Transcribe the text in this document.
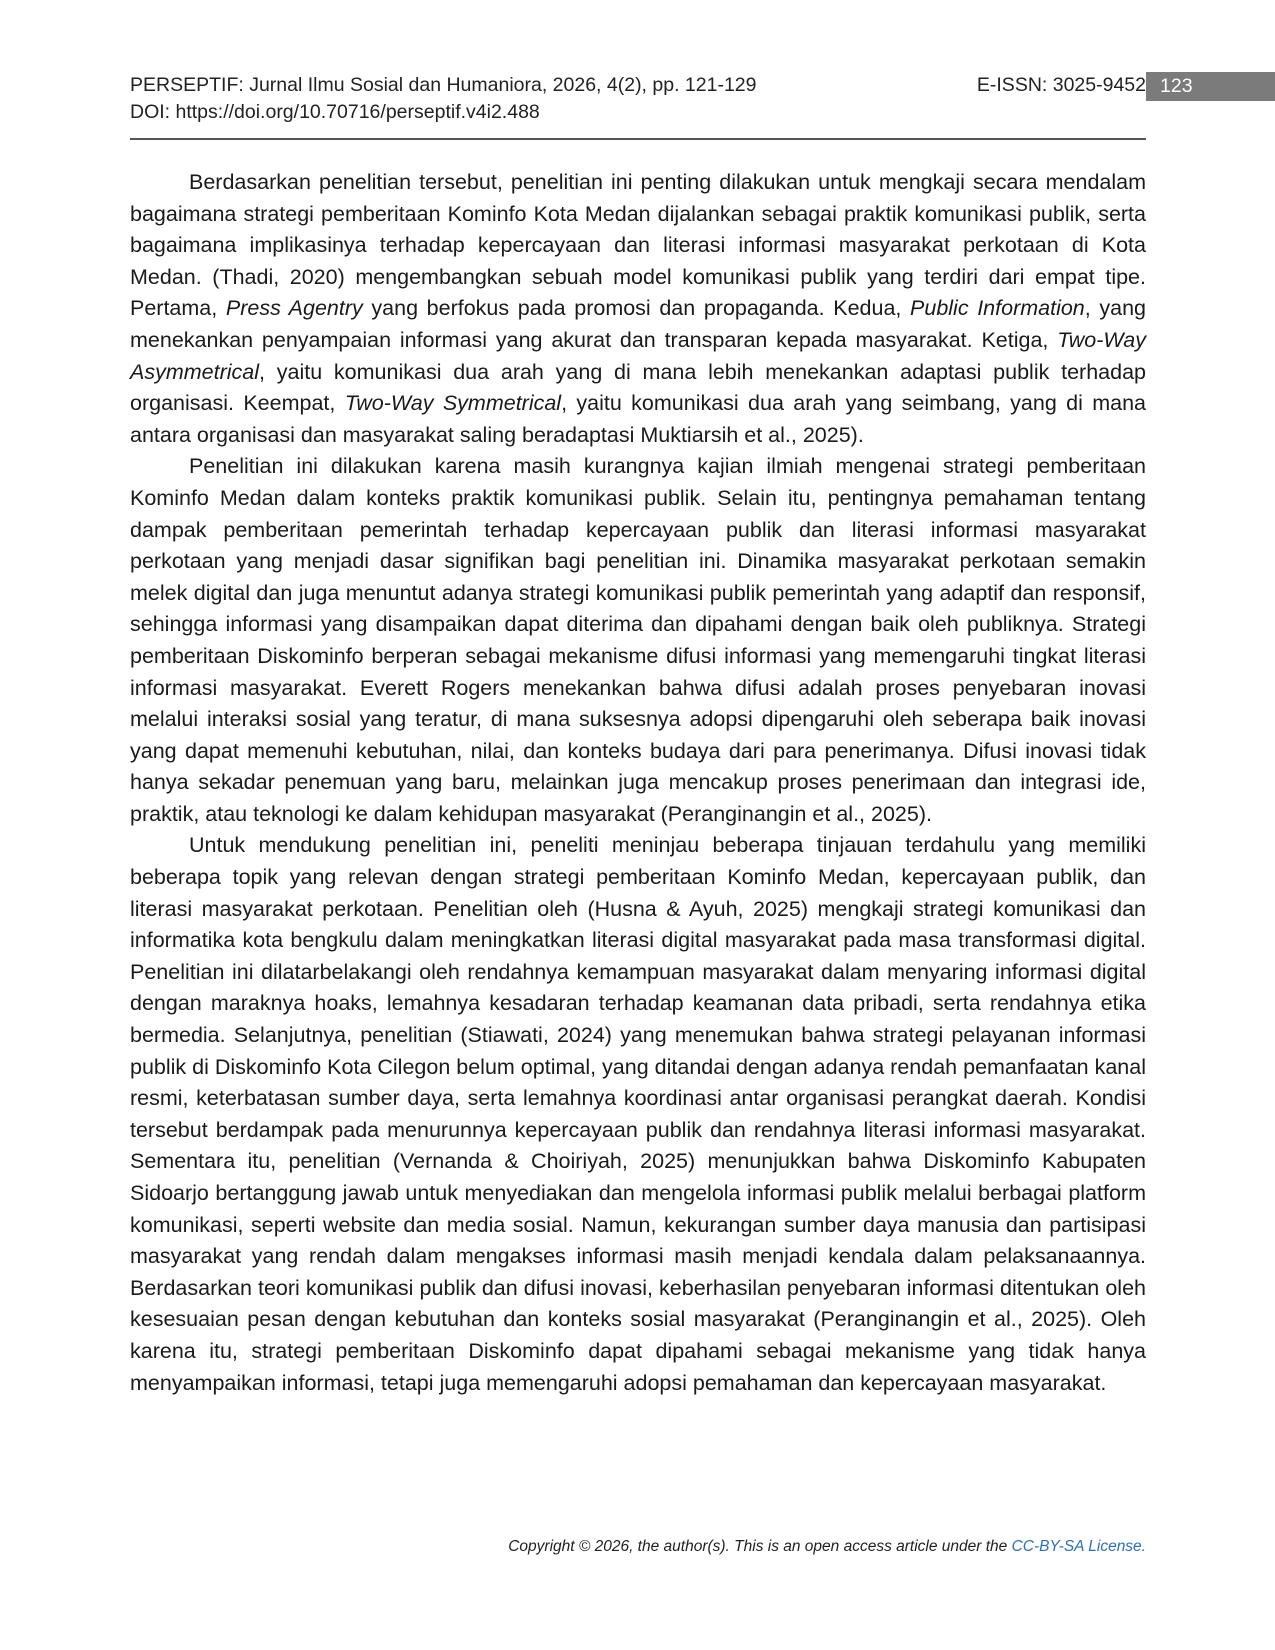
PERSEPTIF: Jurnal Ilmu Sosial dan Humaniora, 2026, 4(2), pp. 121-129	E-ISSN: 3025-9452
DOI: https://doi.org/10.70716/perseptif.v4i2.488
123

Berdasarkan penelitian tersebut, penelitian ini penting dilakukan untuk mengkaji secara mendalam bagaimana strategi pemberitaan Kominfo Kota Medan dijalankan sebagai praktik komunikasi publik, serta bagaimana implikasinya terhadap kepercayaan dan literasi informasi masyarakat perkotaan di Kota Medan. (Thadi, 2020) mengembangkan sebuah model komunikasi publik yang terdiri dari empat tipe. Pertama, Press Agentry yang berfokus pada promosi dan propaganda. Kedua, Public Information, yang menekankan penyampaian informasi yang akurat dan transparan kepada masyarakat. Ketiga, Two-Way Asymmetrical, yaitu komunikasi dua arah yang di mana lebih menekankan adaptasi publik terhadap organisasi. Keempat, Two-Way Symmetrical, yaitu komunikasi dua arah yang seimbang, yang di mana antara organisasi dan masyarakat saling beradaptasi Muktiarsih et al., 2025).

Penelitian ini dilakukan karena masih kurangnya kajian ilmiah mengenai strategi pemberitaan Kominfo Medan dalam konteks praktik komunikasi publik. Selain itu, pentingnya pemahaman tentang dampak pemberitaan pemerintah terhadap kepercayaan publik dan literasi informasi masyarakat perkotaan yang menjadi dasar signifikan bagi penelitian ini. Dinamika masyarakat perkotaan semakin melek digital dan juga menuntut adanya strategi komunikasi publik pemerintah yang adaptif dan responsif, sehingga informasi yang disampaikan dapat diterima dan dipahami dengan baik oleh publiknya. Strategi pemberitaan Diskominfo berperan sebagai mekanisme difusi informasi yang memengaruhi tingkat literasi informasi masyarakat. Everett Rogers menekankan bahwa difusi adalah proses penyebaran inovasi melalui interaksi sosial yang teratur, di mana suksesnya adopsi dipengaruhi oleh seberapa baik inovasi yang dapat memenuhi kebutuhan, nilai, dan konteks budaya dari para penerimanya. Difusi inovasi tidak hanya sekadar penemuan yang baru, melainkan juga mencakup proses penerimaan dan integrasi ide, praktik, atau teknologi ke dalam kehidupan masyarakat (Peranginangin et al., 2025).

Untuk mendukung penelitian ini, peneliti meninjau beberapa tinjauan terdahulu yang memiliki beberapa topik yang relevan dengan strategi pemberitaan Kominfo Medan, kepercayaan publik, dan literasi masyarakat perkotaan. Penelitian oleh (Husna & Ayuh, 2025) mengkaji strategi komunikasi dan informatika kota bengkulu dalam meningkatkan literasi digital masyarakat pada masa transformasi digital. Penelitian ini dilatarbelakangi oleh rendahnya kemampuan masyarakat dalam menyaring informasi digital dengan maraknya hoaks, lemahnya kesadaran terhadap keamanan data pribadi, serta rendahnya etika bermedia. Selanjutnya, penelitian (Stiawati, 2024) yang menemukan bahwa strategi pelayanan informasi publik di Diskominfo Kota Cilegon belum optimal, yang ditandai dengan adanya rendah pemanfaatan kanal resmi, keterbatasan sumber daya, serta lemahnya koordinasi antar organisasi perangkat daerah. Kondisi tersebut berdampak pada menurunnya kepercayaan publik dan rendahnya literasi informasi masyarakat. Sementara itu, penelitian (Vernanda & Choiriyah, 2025) menunjukkan bahwa Diskominfo Kabupaten Sidoarjo bertanggung jawab untuk menyediakan dan mengelola informasi publik melalui berbagai platform komunikasi, seperti website dan media sosial. Namun, kekurangan sumber daya manusia dan partisipasi masyarakat yang rendah dalam mengakses informasi masih menjadi kendala dalam pelaksanaannya. Berdasarkan teori komunikasi publik dan difusi inovasi, keberhasilan penyebaran informasi ditentukan oleh kesesuaian pesan dengan kebutuhan dan konteks sosial masyarakat (Peranginangin et al., 2025). Oleh karena itu, strategi pemberitaan Diskominfo dapat dipahami sebagai mekanisme yang tidak hanya menyampaikan informasi, tetapi juga memengaruhi adopsi pemahaman dan kepercayaan masyarakat.

Copyright © 2026, the author(s). This is an open access article under the CC-BY-SA License.
